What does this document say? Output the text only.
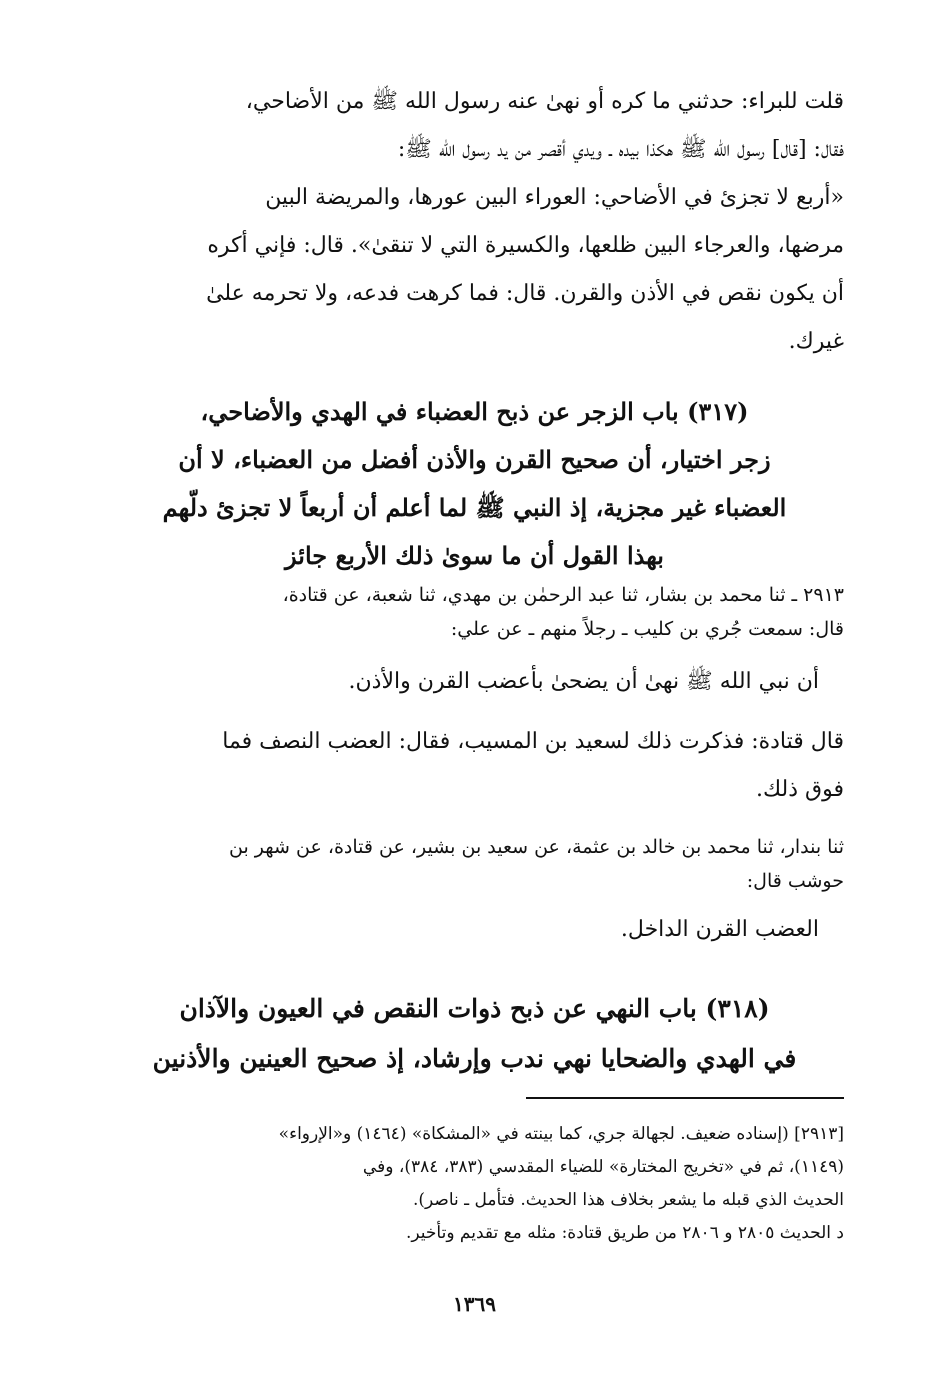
قلت للبراء: حدثني ما كره أو نهىٰ عنه رسول الله ﷺ من الأضاحي،
فقال: [قال] رسول الله ﷺ هكذا بيده ـ ويدي أقصر من يد رسول الله ﷺ:
«أربع لا تجزئ في الأضاحي: العوراء البين عورها، والمريضة البين
مرضها، والعرجاء البين ظلعها، والكسيرة التي لا تنقىٰ». قال: فإني أكره
أن يكون نقص في الأذن والقرن. قال: فما كرهت فدعه، ولا تحرمه علىٰ
غيرك.
(٣١٧) باب الزجر عن ذبح العضباء في الهدي والأضاحي،
زجر اختيار، أن صحيح القرن والأذن أفضل من العضباء، لا أن
العضباء غير مجزية، إذ النبي ﷺ لما أعلم أن أربعاً لا تجزئ دلّهم
بهذا القول أن ما سوىٰ ذلك الأربع جائز
٢٩١٣ ـ ثنا محمد بن بشار، ثنا عبد الرحمٰن بن مهدي، ثنا شعبة، عن قتادة،
قال: سمعت جُري بن كليب ـ رجلاً منهم ـ عن علي:
أن نبي الله ﷺ نهىٰ أن يضحىٰ بأعضب القرن والأذن.
قال قتادة: فذكرت ذلك لسعيد بن المسيب، فقال: العضب النصف فما
فوق ذلك.
ثنا بندار، ثنا محمد بن خالد بن عثمة، عن سعيد بن بشير، عن قتادة، عن شهر بن
حوشب قال:
العضب القرن الداخل.
(٣١٨) باب النهي عن ذبح ذوات النقص في العيون والآذان
في الهدي والضحايا نهي ندب وإرشاد، إذ صحيح العينين والأذنين
[٢٩١٣] (إسناده ضعيف. لجهالة جري، كما بينته في «المشكاة» (١٤٦٤) و«الإرواء»
(١١٤٩)، ثم في «تخريج المختارة» للضياء المقدسي (٣٨٣، ٣٨٤)، وفي
الحديث الذي قبله ما يشعر بخلاف هذا الحديث. فتأمل ـ ناصر).
د الحديث ٢٨٠٥ و ٢٨٠٦ من طريق قتادة: مثله مع تقديم وتأخير.
١٣٦٩
